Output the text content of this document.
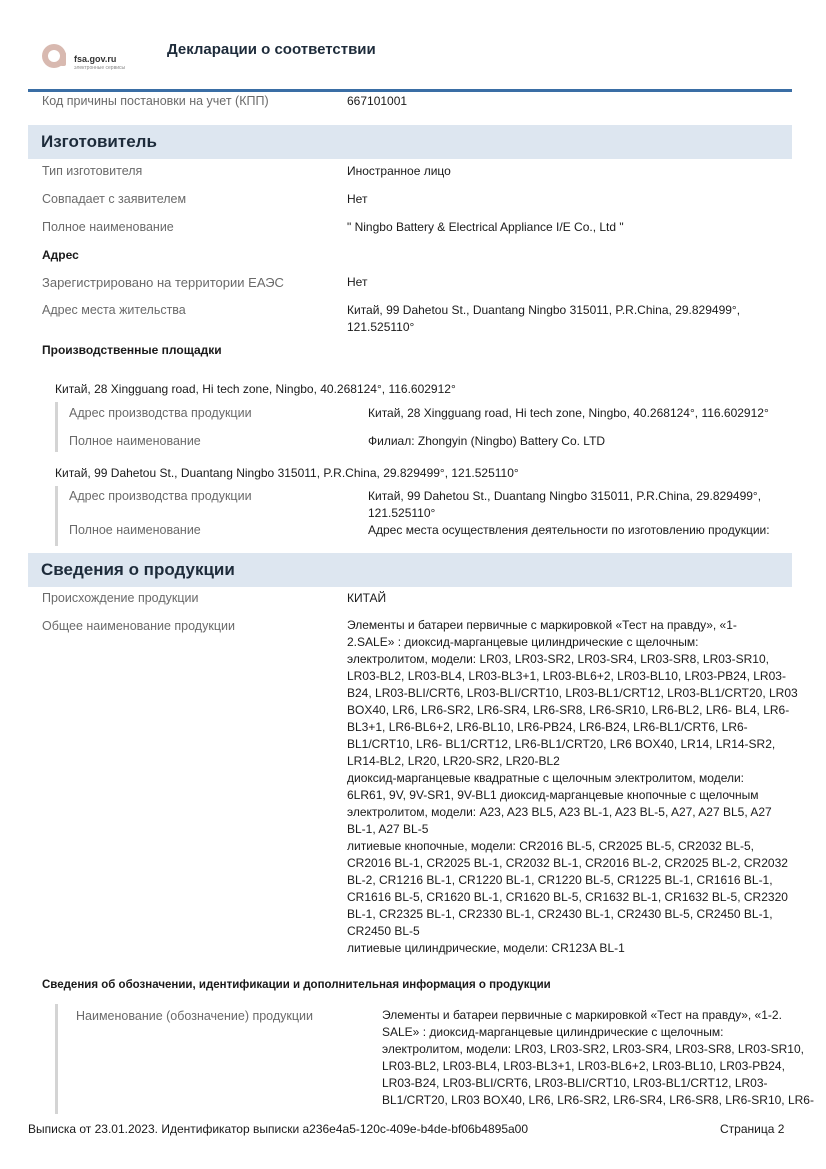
fsa.gov.ru
электронные сервисы
Декларации о соответствии
Код причины постановки на учет (КПП)	667101001
Изготовитель
Тип изготовителя	Иностранное лицо
Совпадает с заявителем	Нет
Полное наименование	" Ningbo Battery & Electrical Appliance I/E Co., Ltd "
Адрес
Зарегистрировано на территории ЕАЭС	Нет
Адрес места жительства	Китай, 99 Dahetou St., Duantang Ningbo 315011, P.R.China, 29.829499°,
121.525110°
Производственные площадки
Китай, 28 Xingguang road, Hi tech zone, Ningbo, 40.268124°, 116.602912°
Адрес производства продукции	Китай, 28 Xingguang road, Hi tech zone, Ningbo, 40.268124°, 116.602912°
Полное наименование	Филиал: Zhongyin (Ningbo) Battery Co. LTD
Китай, 99 Dahetou St., Duantang Ningbo 315011, P.R.China, 29.829499°, 121.525110°
Адрес производства продукции	Китай, 99 Dahetou St., Duantang Ningbo 315011, P.R.China, 29.829499°,
121.525110°
Полное наименование	Адрес места осуществления деятельности по изготовлению продукции:
Сведения о продукции
Происхождение продукции	КИТАЙ
Общее наименование продукции	Элементы и батареи первичные с маркировкой «Тест на правду», «1-
2.SALE» : диоксид-марганцевые цилиндрические с щелочным:
электролитом, модели: LR03, LR03-SR2, LR03-SR4, LR03-SR8, LR03-SR10,
LR03-BL2, LR03-BL4, LR03-BL3+1, LR03-BL6+2, LR03-BL10, LR03-PB24, LR03-
B24, LR03-BLI/CRT6, LR03-BLI/CRT10, LR03-BL1/CRT12, LR03-BL1/CRT20, LR03
BOX40, LR6, LR6-SR2, LR6-SR4, LR6-SR8, LR6-SR10, LR6-BL2, LR6- BL4, LR6-
BL3+1, LR6-BL6+2, LR6-BL10, LR6-PB24, LR6-B24, LR6-BL1/CRT6, LR6-
BL1/CRT10, LR6- BL1/CRT12, LR6-BL1/CRT20, LR6 BOX40, LR14, LR14-SR2,
LR14-BL2, LR20, LR20-SR2, LR20-BL2
диоксид-марганцевые квадратные с щелочным электролитом, модели:
6LR61, 9V, 9V-SR1, 9V-BL1 диоксид-марганцевые кнопочные с щелочным
электролитом, модели: A23, A23 BL5, A23 BL-1, A23 BL-5, A27, A27 BL5, A27
BL-1, A27 BL-5
литиевые кнопочные, модели: CR2016 BL-5, CR2025 BL-5, CR2032 BL-5,
CR2016 BL-1, CR2025 BL-1, CR2032 BL-1, CR2016 BL-2, CR2025 BL-2, CR2032
BL-2, CR1216 BL-1, CR1220 BL-1, CR1220 BL-5, CR1225 BL-1, CR1616 BL-1,
CR1616 BL-5, CR1620 BL-1, CR1620 BL-5, CR1632 BL-1, CR1632 BL-5, CR2320
BL-1, CR2325 BL-1, CR2330 BL-1, CR2430 BL-1, CR2430 BL-5, CR2450 BL-1,
CR2450 BL-5
литиевые цилиндрические, модели: CR123A BL-1
Сведения об обозначении, идентификации и дополнительная информация о продукции
Наименование (обозначение) продукции	Элементы и батареи первичные с маркировкой «Тест на правду», «1-2.
SALE» : диоксид-марганцевые цилиндрические с щелочным:
электролитом, модели: LR03, LR03-SR2, LR03-SR4, LR03-SR8, LR03-SR10,
LR03-BL2, LR03-BL4, LR03-BL3+1, LR03-BL6+2, LR03-BL10, LR03-PB24,
LR03-B24, LR03-BLI/CRT6, LR03-BLI/CRT10, LR03-BL1/CRT12, LR03-
BL1/CRT20, LR03 BOX40, LR6, LR6-SR2, LR6-SR4, LR6-SR8, LR6-SR10, LR6-
Выписка от 23.01.2023. Идентификатор выписки a236e4a5-120c-409e-b4de-bf06b4895a00	Страница 2
